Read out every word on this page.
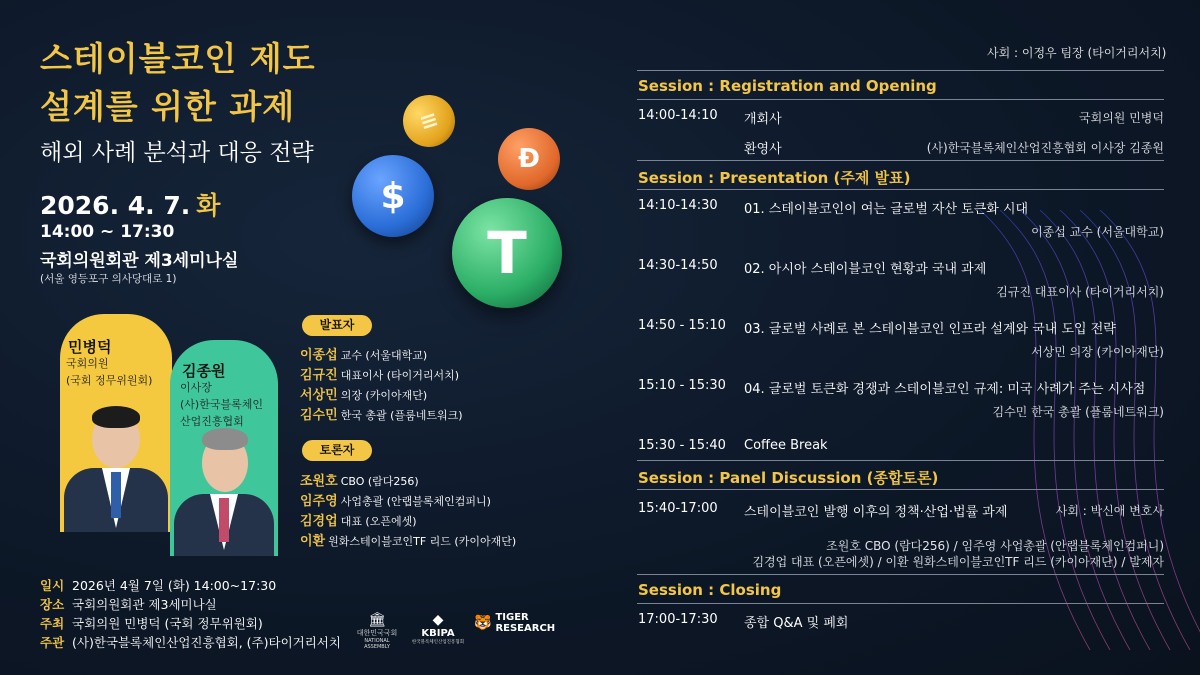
스테이블코인 제도
설계를 위한 과제
해외 사례 분석과 대응 전략
2026. 4. 7. 화
14:00 ~ 17:30
국회의원회관 제3세미나실
(서울 영등포구 의사당대로 1)
≡
Ɖ
$
T
민병덕
국회의원
(국회 정무위원회)
김종원
이사장
(사)한국블록체인
산업진흥협회
발표자
이종섭 교수 (서울대학교)
김규진 대표이사 (타이거리서치)
서상민 의장 (카이아재단)
김수민 한국 총괄 (플룸네트워크)
토론자
조원호 CBO (람다256)
임주영 사업총괄 (안랩블록체인컴퍼니)
김경업 대표 (오픈에셋)
이환 원화스테이블코인TF 리드 (카이아재단)
일시 2026년 4월 7일 (화) 14:00~17:30
장소 국회의원회관 제3세미나실
주최 국회의원 민병덕 (국회 정무위원회)
주관 (사)한국블록체인산업진흥협회, (주)타이거리서치
🏛
대한민국국회
NATIONAL ASSEMBLY
◆
KBIPA
한국블록체인산업진흥협회
🐯 TIGER
RESEARCH
사회 : 이정우 팀장 (타이거리서치)
Session : Registration and Opening
14:00-14:10 개회사	국회의원 민병덕
환영사	(사)한국블록체인산업진흥협회 이사장 김종원
Session : Presentation (주제 발표)
14:10-14:30 01. 스테이블코인이 여는 글로벌 자산 토큰화 시대
이종섭 교수 (서울대학교)
14:30-14:50 02. 아시아 스테이블코인 현황과 국내 과제
김규진 대표이사 (타이거리서치)
14:50 - 15:10 03. 글로벌 사례로 본 스테이블코인 인프라 설계와 국내 도입 전략
서상민 의장 (카이아재단)
15:10 - 15:30 04. 글로벌 토큰화 경쟁과 스테이블코인 규제: 미국 사례가 주는 시사점
김수민 한국 총괄 (플룸네트워크)
15:30 - 15:40 Coffee Break
Session : Panel Discussion (종합토론)
15:40-17:00 스테이블코인 발행 이후의 정책·산업·법률 과제	사회 : 박신애 변호사
조원호 CBO (람다256) / 임주영 사업총괄 (안랩블록체인컴퍼니)
김경업 대표 (오픈에셋) / 이환 원화스테이블코인TF 리드 (카이아재단) / 발제자
Session : Closing
17:00-17:30 종합 Q&A 및 폐회
